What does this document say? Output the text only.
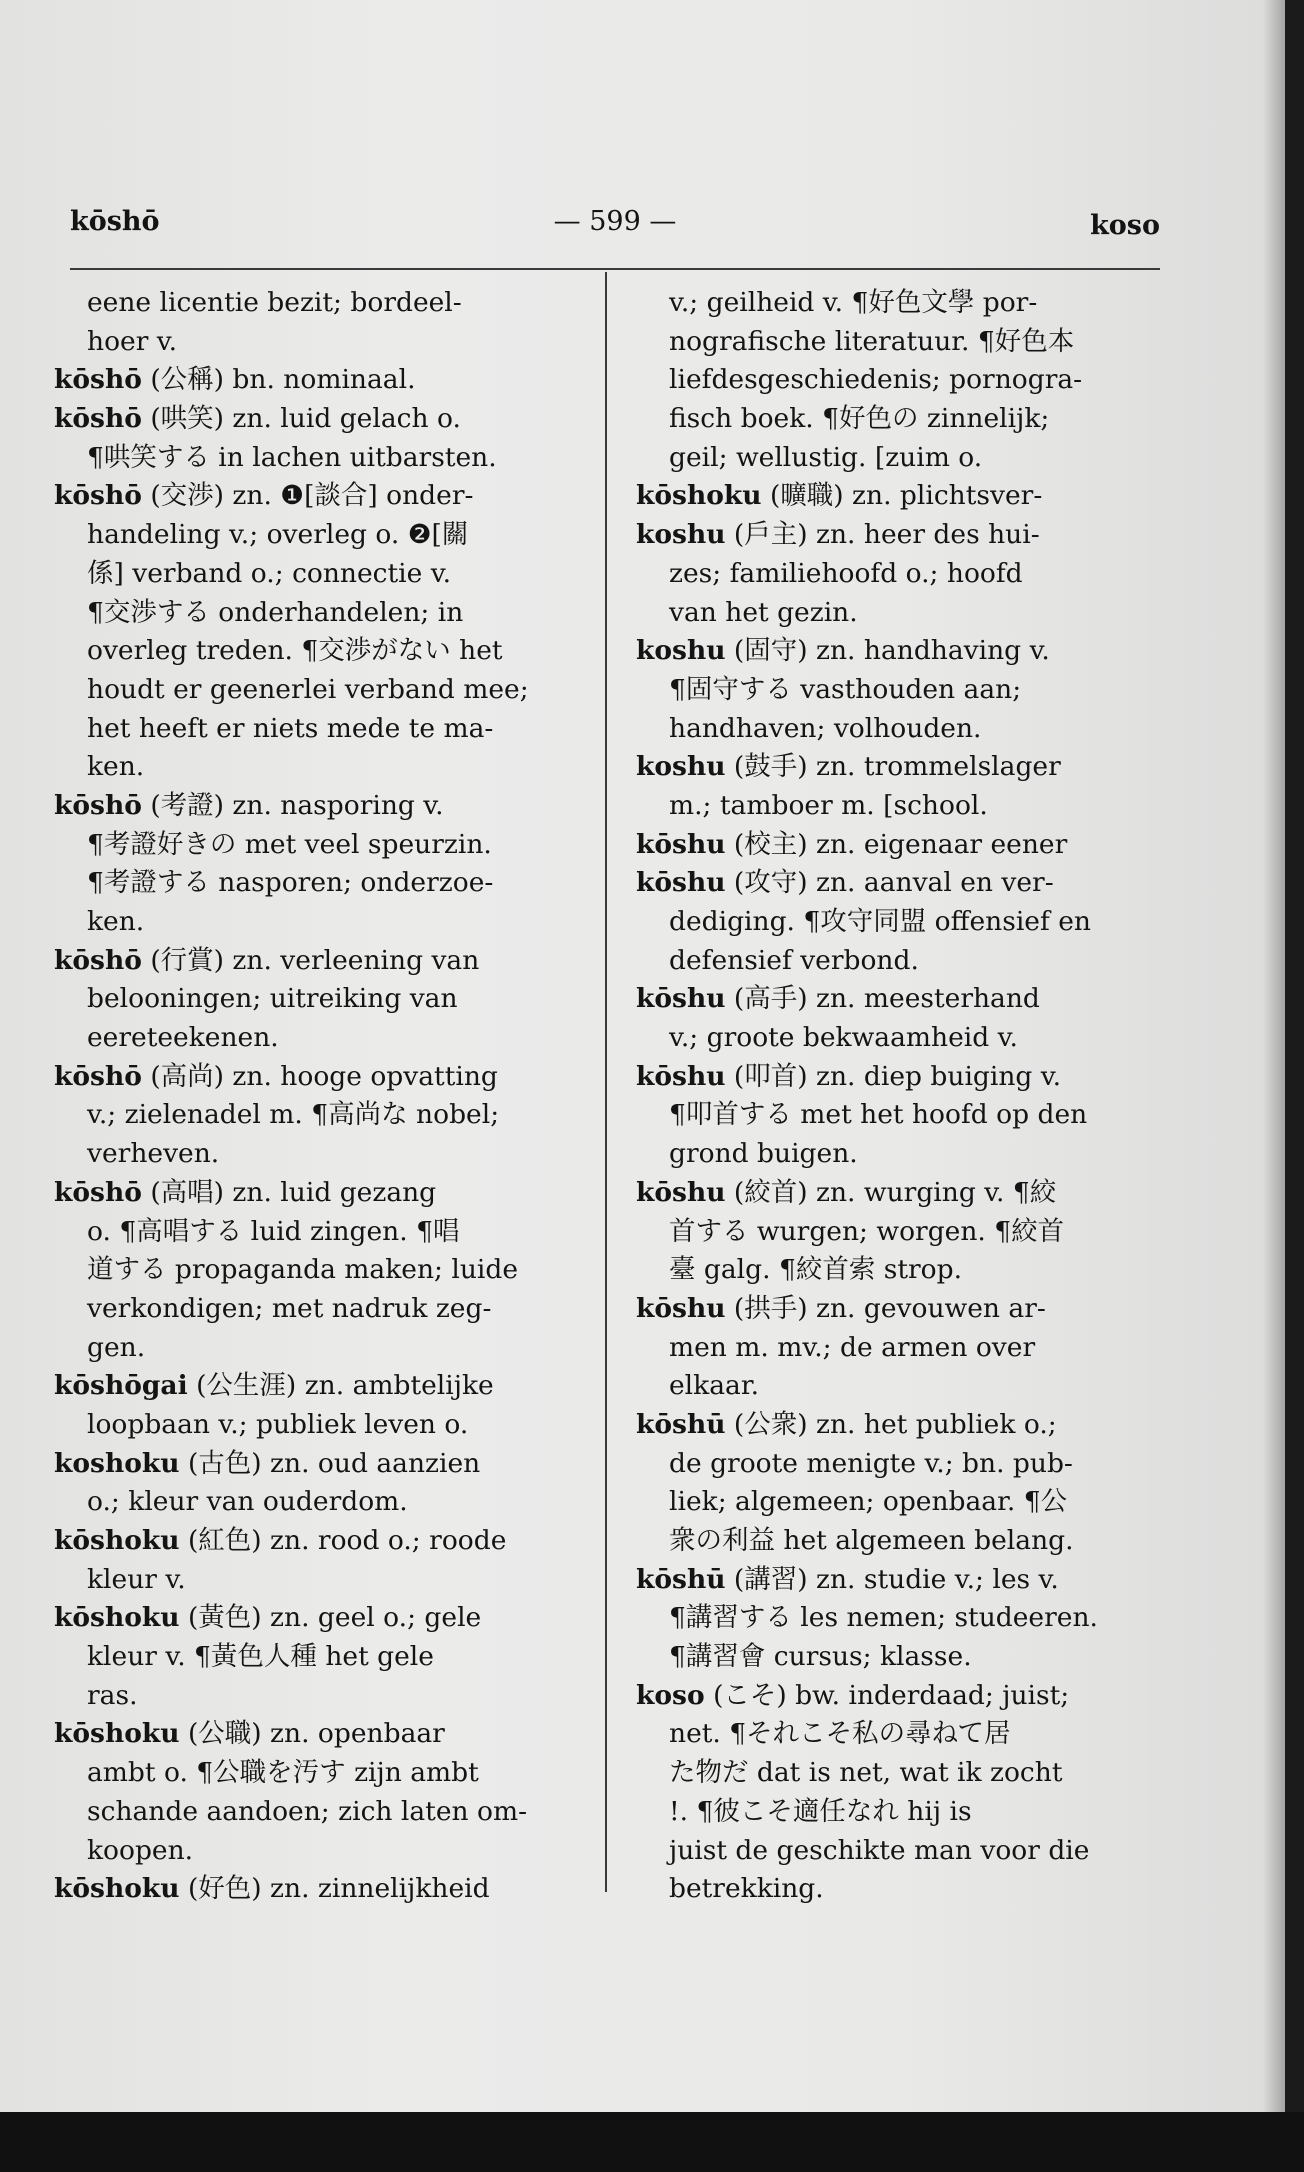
kōshō	— 599 —	koso
eene licentie bezit; bordeel-
hoer v.
kōshō (公稱) bn. nominaal.
kōshō (哄笑) zn. luid gelach o.
¶哄笑する in lachen uitbarsten.
kōshō (交渉) zn. ❶[談合] onder-
handeling v.; overleg o. ❷[關
係] verband o.; connectie v.
¶交渉する onderhandelen; in
overleg treden. ¶交渉がない het
houdt er geenerlei verband mee;
het heeft er niets mede te ma-
ken.
kōshō (考證) zn. nasporing v.
¶考證好きの met veel speurzin.
¶考證する nasporen; onderzoe-
ken.
kōshō (行賞) zn. verleening van
belooningen; uitreiking van
eereteekenen.
kōshō (高尚) zn. hooge opvatting
v.; zielenadel m. ¶高尚な nobel;
verheven.
kōshō (高唱) zn. luid gezang
o. ¶高唱する luid zingen. ¶唱
道する propaganda maken; luide
verkondigen; met nadruk zeg-
gen.
kōshōgai (公生涯) zn. ambtelijke
loopbaan v.; publiek leven o.
koshoku (古色) zn. oud aanzien
o.; kleur van ouderdom.
kōshoku (紅色) zn. rood o.; roode
kleur v.
kōshoku (黃色) zn. geel o.; gele
kleur v. ¶黃色人種 het gele
ras.
kōshoku (公職) zn. openbaar
ambt o. ¶公職を汚す zijn ambt
schande aandoen; zich laten om-
koopen.
kōshoku (好色) zn. zinnelijkheid
v.; geilheid v. ¶好色文學 por-
nografische literatuur. ¶好色本
liefdesgeschiedenis; pornogra-
fisch boek. ¶好色の zinnelijk;
geil; wellustig. [zuim o.
kōshoku (曠職) zn. plichtsver-
koshu (戶主) zn. heer des hui-
zes; familiehoofd o.; hoofd
van het gezin.
koshu (固守) zn. handhaving v.
¶固守する vasthouden aan;
handhaven; volhouden.
koshu (鼓手) zn. trommelslager
m.; tamboer m. [school.
kōshu (校主) zn. eigenaar eener
kōshu (攻守) zn. aanval en ver-
dediging. ¶攻守同盟 offensief en
defensief verbond.
kōshu (高手) zn. meesterhand
v.; groote bekwaamheid v.
kōshu (叩首) zn. diep buiging v.
¶叩首する met het hoofd op den
grond buigen.
kōshu (絞首) zn. wurging v. ¶絞
首する wurgen; worgen. ¶絞首
臺 galg. ¶絞首索 strop.
kōshu (拱手) zn. gevouwen ar-
men m. mv.; de armen over
elkaar.
kōshū (公衆) zn. het publiek o.;
de groote menigte v.; bn. pub-
liek; algemeen; openbaar. ¶公
衆の利益 het algemeen belang.
kōshū (講習) zn. studie v.; les v.
¶講習する les nemen; studeeren.
¶講習會 cursus; klasse.
koso (こそ) bw. inderdaad; juist;
net. ¶それこそ私の尋ねて居
た物だ dat is net, wat ik zocht
!. ¶彼こそ適任なれ hij is
juist de geschikte man voor die
betrekking.
